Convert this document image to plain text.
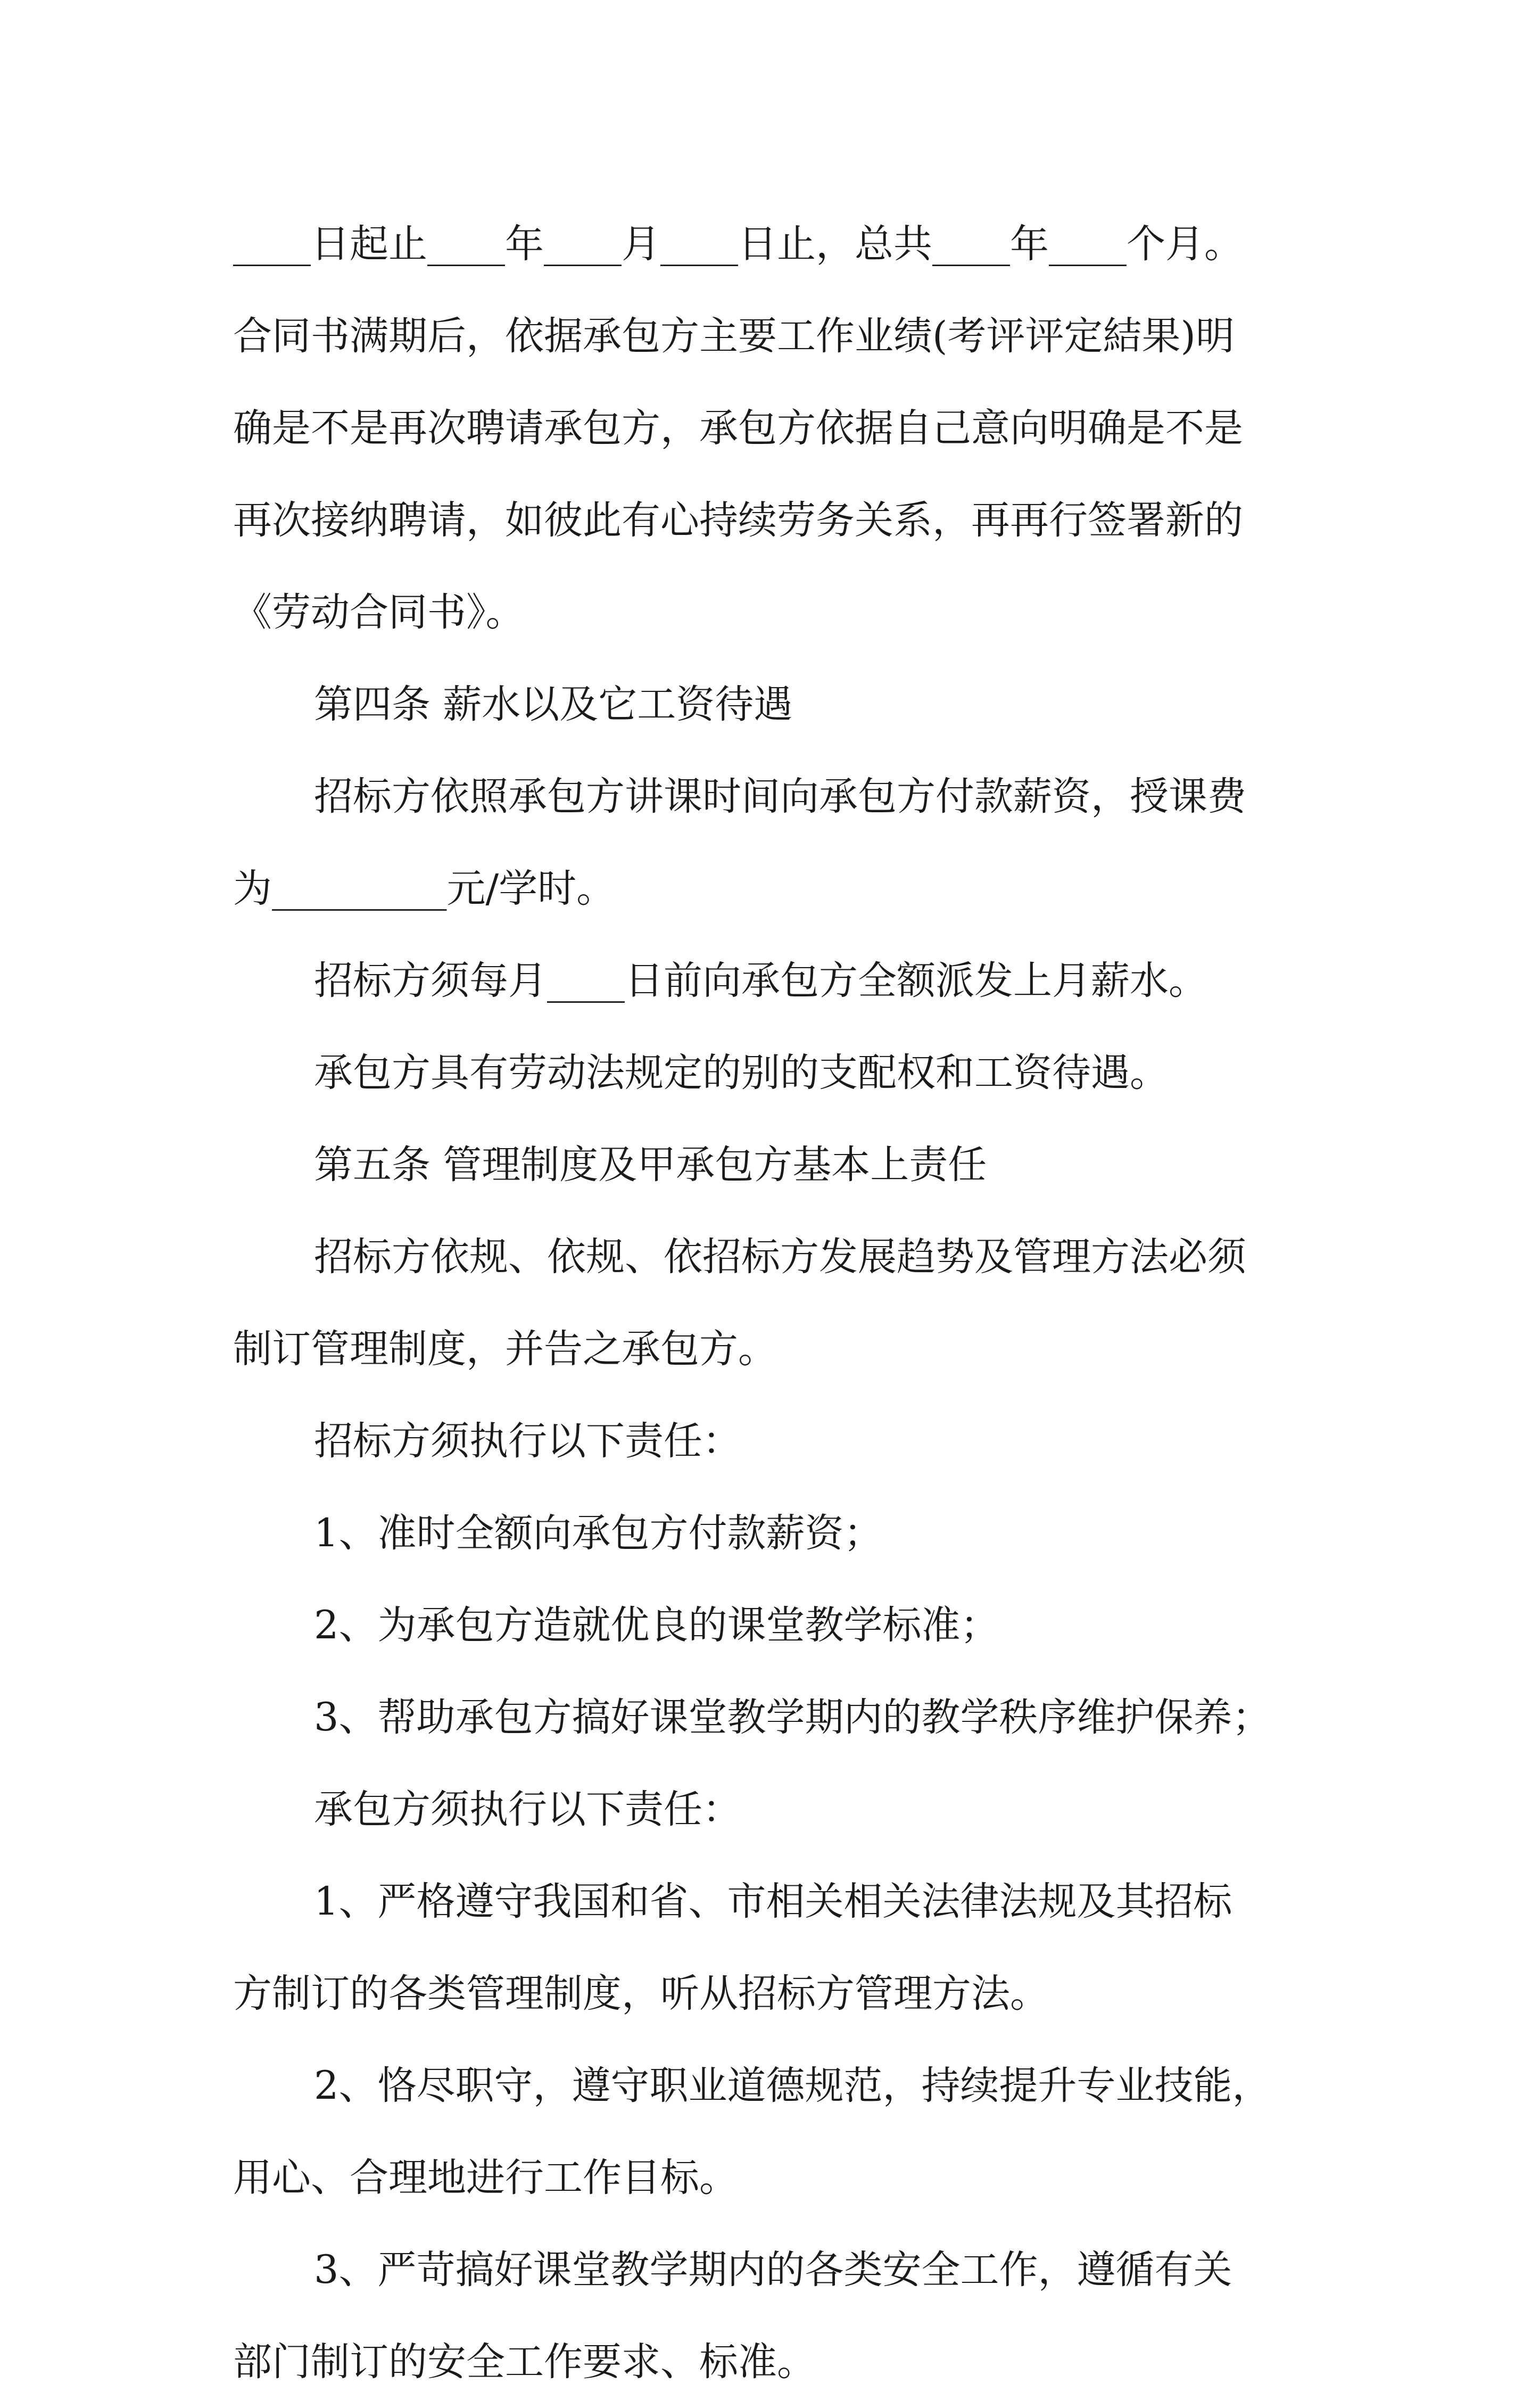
____日起止____年____月____日止，总共____年____个月。
合同书满期后，依据承包方主要工作业绩(考评评定結果)明
确是不是再次聘请承包方，承包方依据自己意向明确是不是
再次接纳聘请，如彼此有心持续劳务关系，再再行签署新的
《劳动合同书》。
第四条 薪水以及它工资待遇
招标方依照承包方讲课时间向承包方付款薪资，授课费
为_________元/学时。
招标方须每月____日前向承包方全额派发上月薪水。
承包方具有劳动法规定的别的支配权和工资待遇。
第五条 管理制度及甲承包方基本上责任
招标方依规、依规、依招标方发展趋势及管理方法必须
制订管理制度，并告之承包方。
招标方须执行以下责任：
1、准时全额向承包方付款薪资；
2、为承包方造就优良的课堂教学标准；
3、帮助承包方搞好课堂教学期内的教学秩序维护保养；
承包方须执行以下责任：
1、严格遵守我国和省、市相关相关法律法规及其招标
方制订的各类管理制度，听从招标方管理方法。
2、恪尽职守，遵守职业道德规范，持续提升专业技能，
用心、合理地进行工作目标。
3、严苛搞好课堂教学期内的各类安全工作，遵循有关
部门制订的安全工作要求、标准。
